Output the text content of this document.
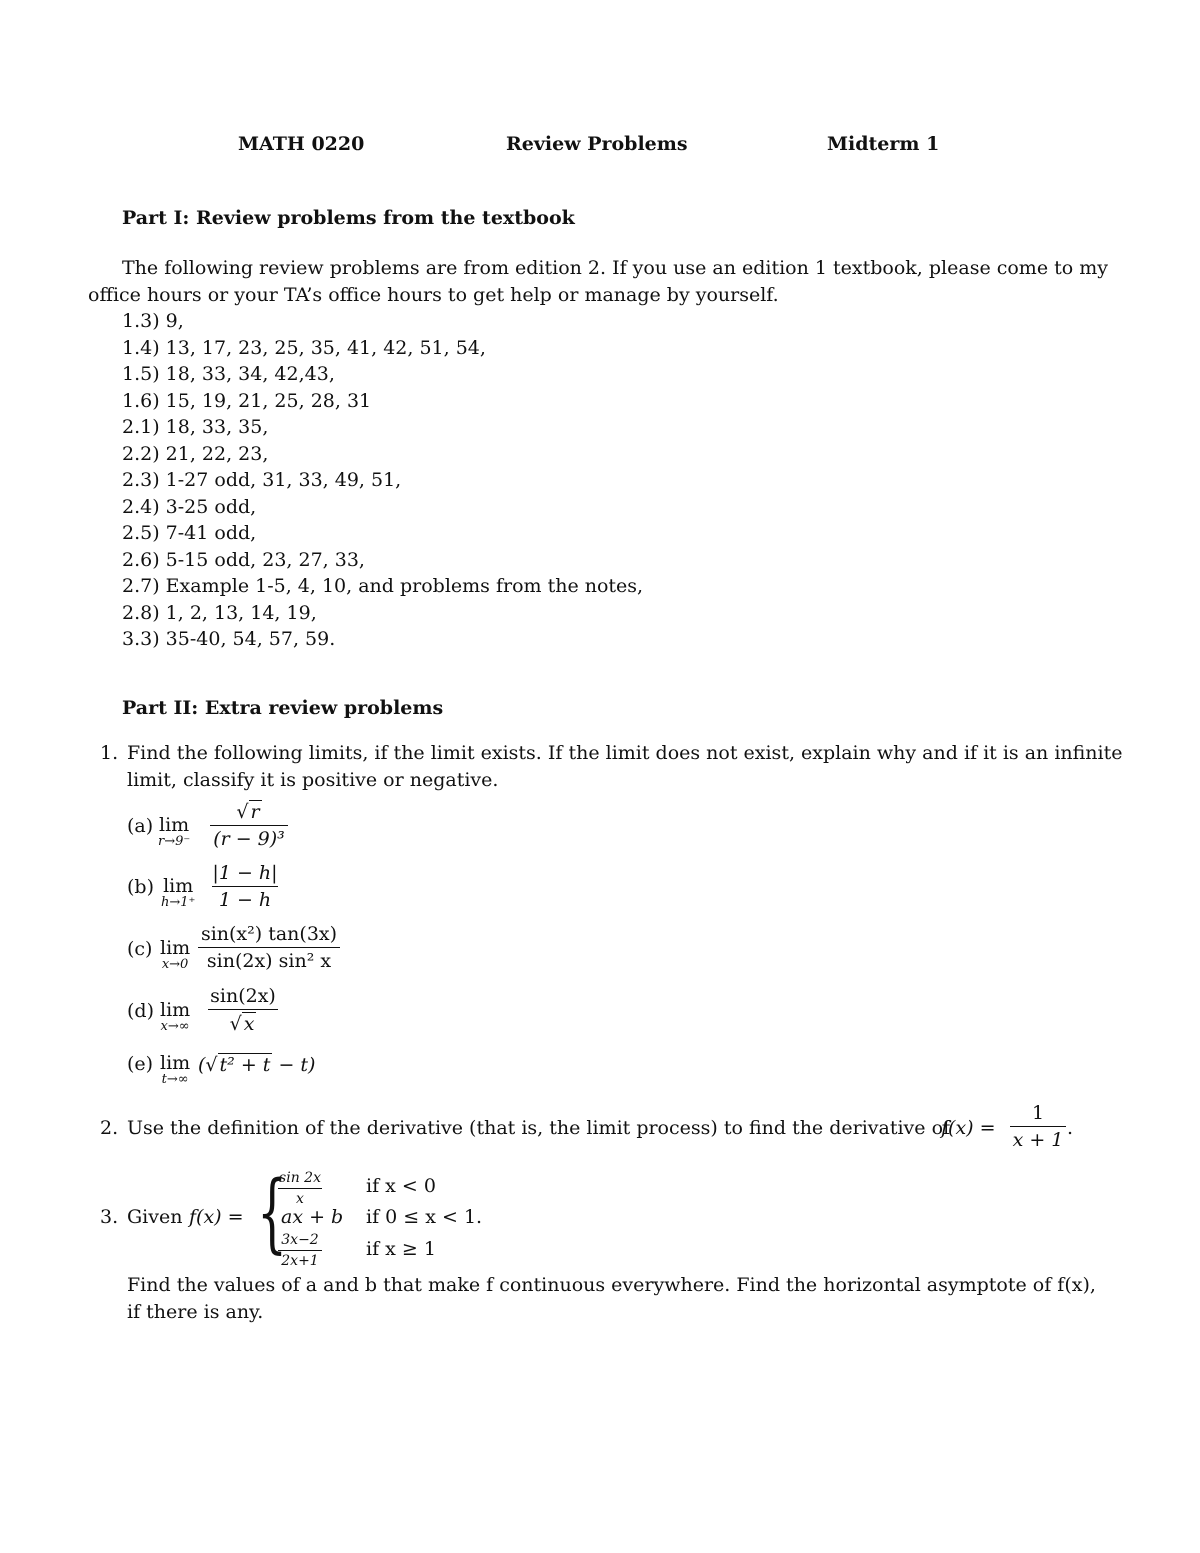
MATH 0220	Review Problems	Midterm 1
Part I: Review problems from the textbook
The following review problems are from edition 2. If you use an edition 1 textbook, please come to my
office hours or your TA’s office hours to get help or manage by yourself.
1.3) 9,
1.4) 13, 17, 23, 25, 35, 41, 42, 51, 54,
1.5) 18, 33, 34, 42,43,
1.6) 15, 19, 21, 25, 28, 31
2.1) 18, 33, 35,
2.2) 21, 22, 23,
2.3) 1-27 odd, 31, 33, 49, 51,
2.4) 3-25 odd,
2.5) 7-41 odd,
2.6) 5-15 odd, 23, 27, 33,
2.7) Example 1-5, 4, 10, and problems from the notes,
2.8) 1, 2, 13, 14, 19,
3.3) 35-40, 54, 57, 59.
Part II: Extra review problems
1. Find the following limits, if the limit exists. If the limit does not exist, explain why and if it is an infinite
limit, classify it is positive or negative.
(a) lim
r→9⁻
√ r
(r − 9)³
(b) lim
h→1⁺
|1 − h|
1 − h
(c) lim
x→0
sin(x²) tan(3x)
sin(2x) sin² x
(d) lim
x→∞
sin(2x)
√ x
(e) lim
t→∞
(√ t² + t − t)
2. Use the definition of the derivative (that is, the limit process) to find the derivative of
f(x) =
1
x + 1
.
3. Given f(x) = {
sin 2x
x
if x < 0
ax + b if 0 ≤ x < 1.
3x−2
2x+1
if x ≥ 1
Find the values of a and b that make f continuous everywhere. Find the horizontal asymptote of f(x),
if there is any.
